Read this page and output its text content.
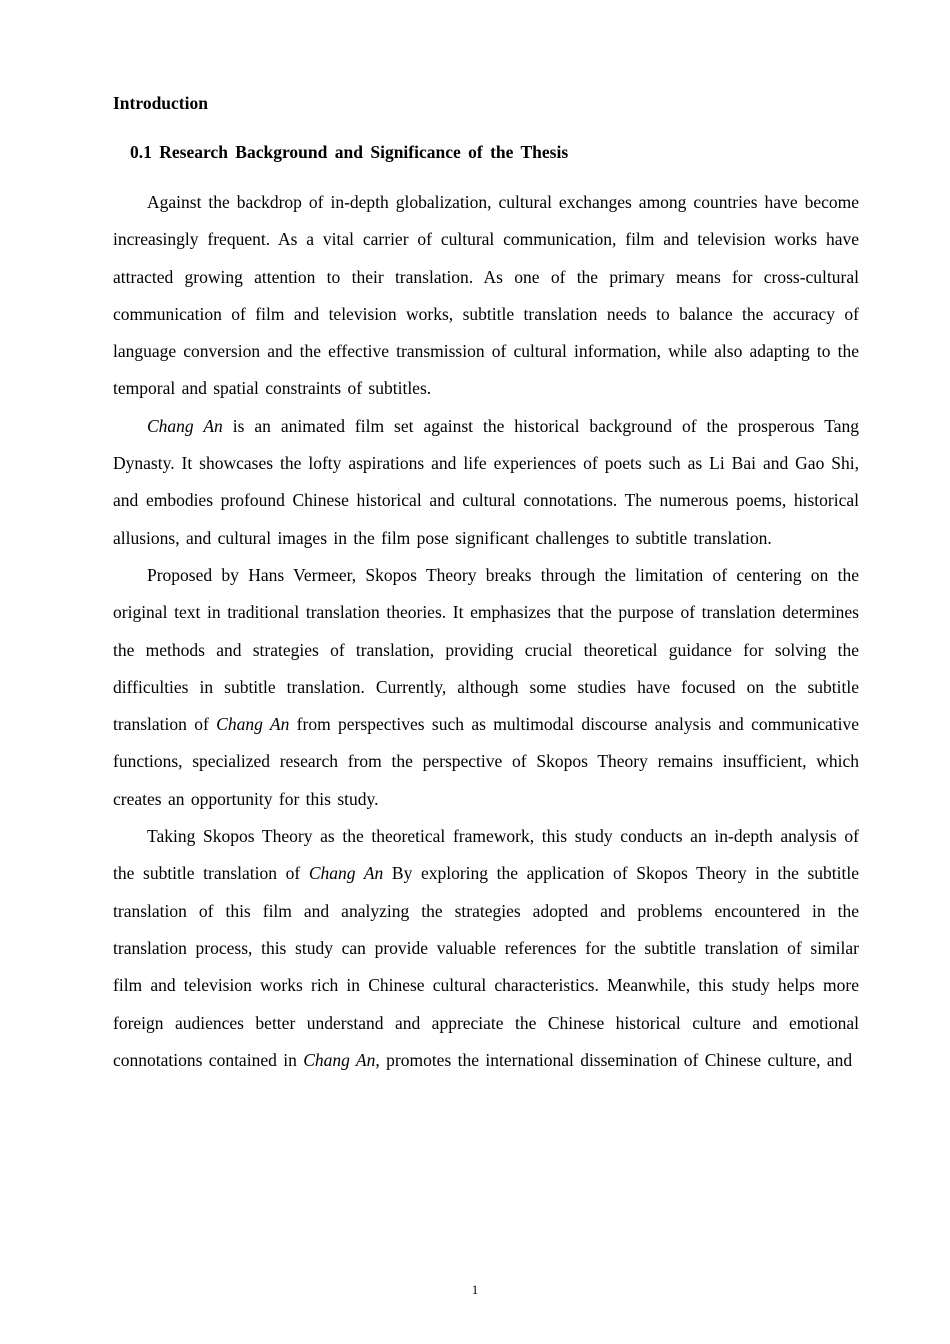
Introduction
0.1 Research Background and Significance of the Thesis

Against the backdrop of in-depth globalization, cultural exchanges among countries have become increasingly frequent. As a vital carrier of cultural communication, film and television works have attracted growing attention to their translation. As one of the primary means for cross-cultural communication of film and television works, subtitle translation needs to balance the accuracy of language conversion and the effective transmission of cultural information, while also adapting to the temporal and spatial constraints of subtitles.

Chang An is an animated film set against the historical background of the prosperous Tang Dynasty. It showcases the lofty aspirations and life experiences of poets such as Li Bai and Gao Shi, and embodies profound Chinese historical and cultural connotations. The numerous poems, historical allusions, and cultural images in the film pose significant challenges to subtitle translation.

Proposed by Hans Vermeer, Skopos Theory breaks through the limitation of centering on the original text in traditional translation theories. It emphasizes that the purpose of translation determines the methods and strategies of translation, providing crucial theoretical guidance for solving the difficulties in subtitle translation. Currently, although some studies have focused on the subtitle translation of Chang An from perspectives such as multimodal discourse analysis and communicative functions, specialized research from the perspective of Skopos Theory remains insufficient, which creates an opportunity for this study.

Taking Skopos Theory as the theoretical framework, this study conducts an in-depth analysis of the subtitle translation of Chang An By exploring the application of Skopos Theory in the subtitle translation of this film and analyzing the strategies adopted and problems encountered in the translation process, this study can provide valuable references for the subtitle translation of similar film and television works rich in Chinese cultural characteristics. Meanwhile, this study helps more foreign audiences better understand and appreciate the Chinese historical culture and emotional connotations contained in Chang An, promotes the international dissemination of Chinese culture, and

1
